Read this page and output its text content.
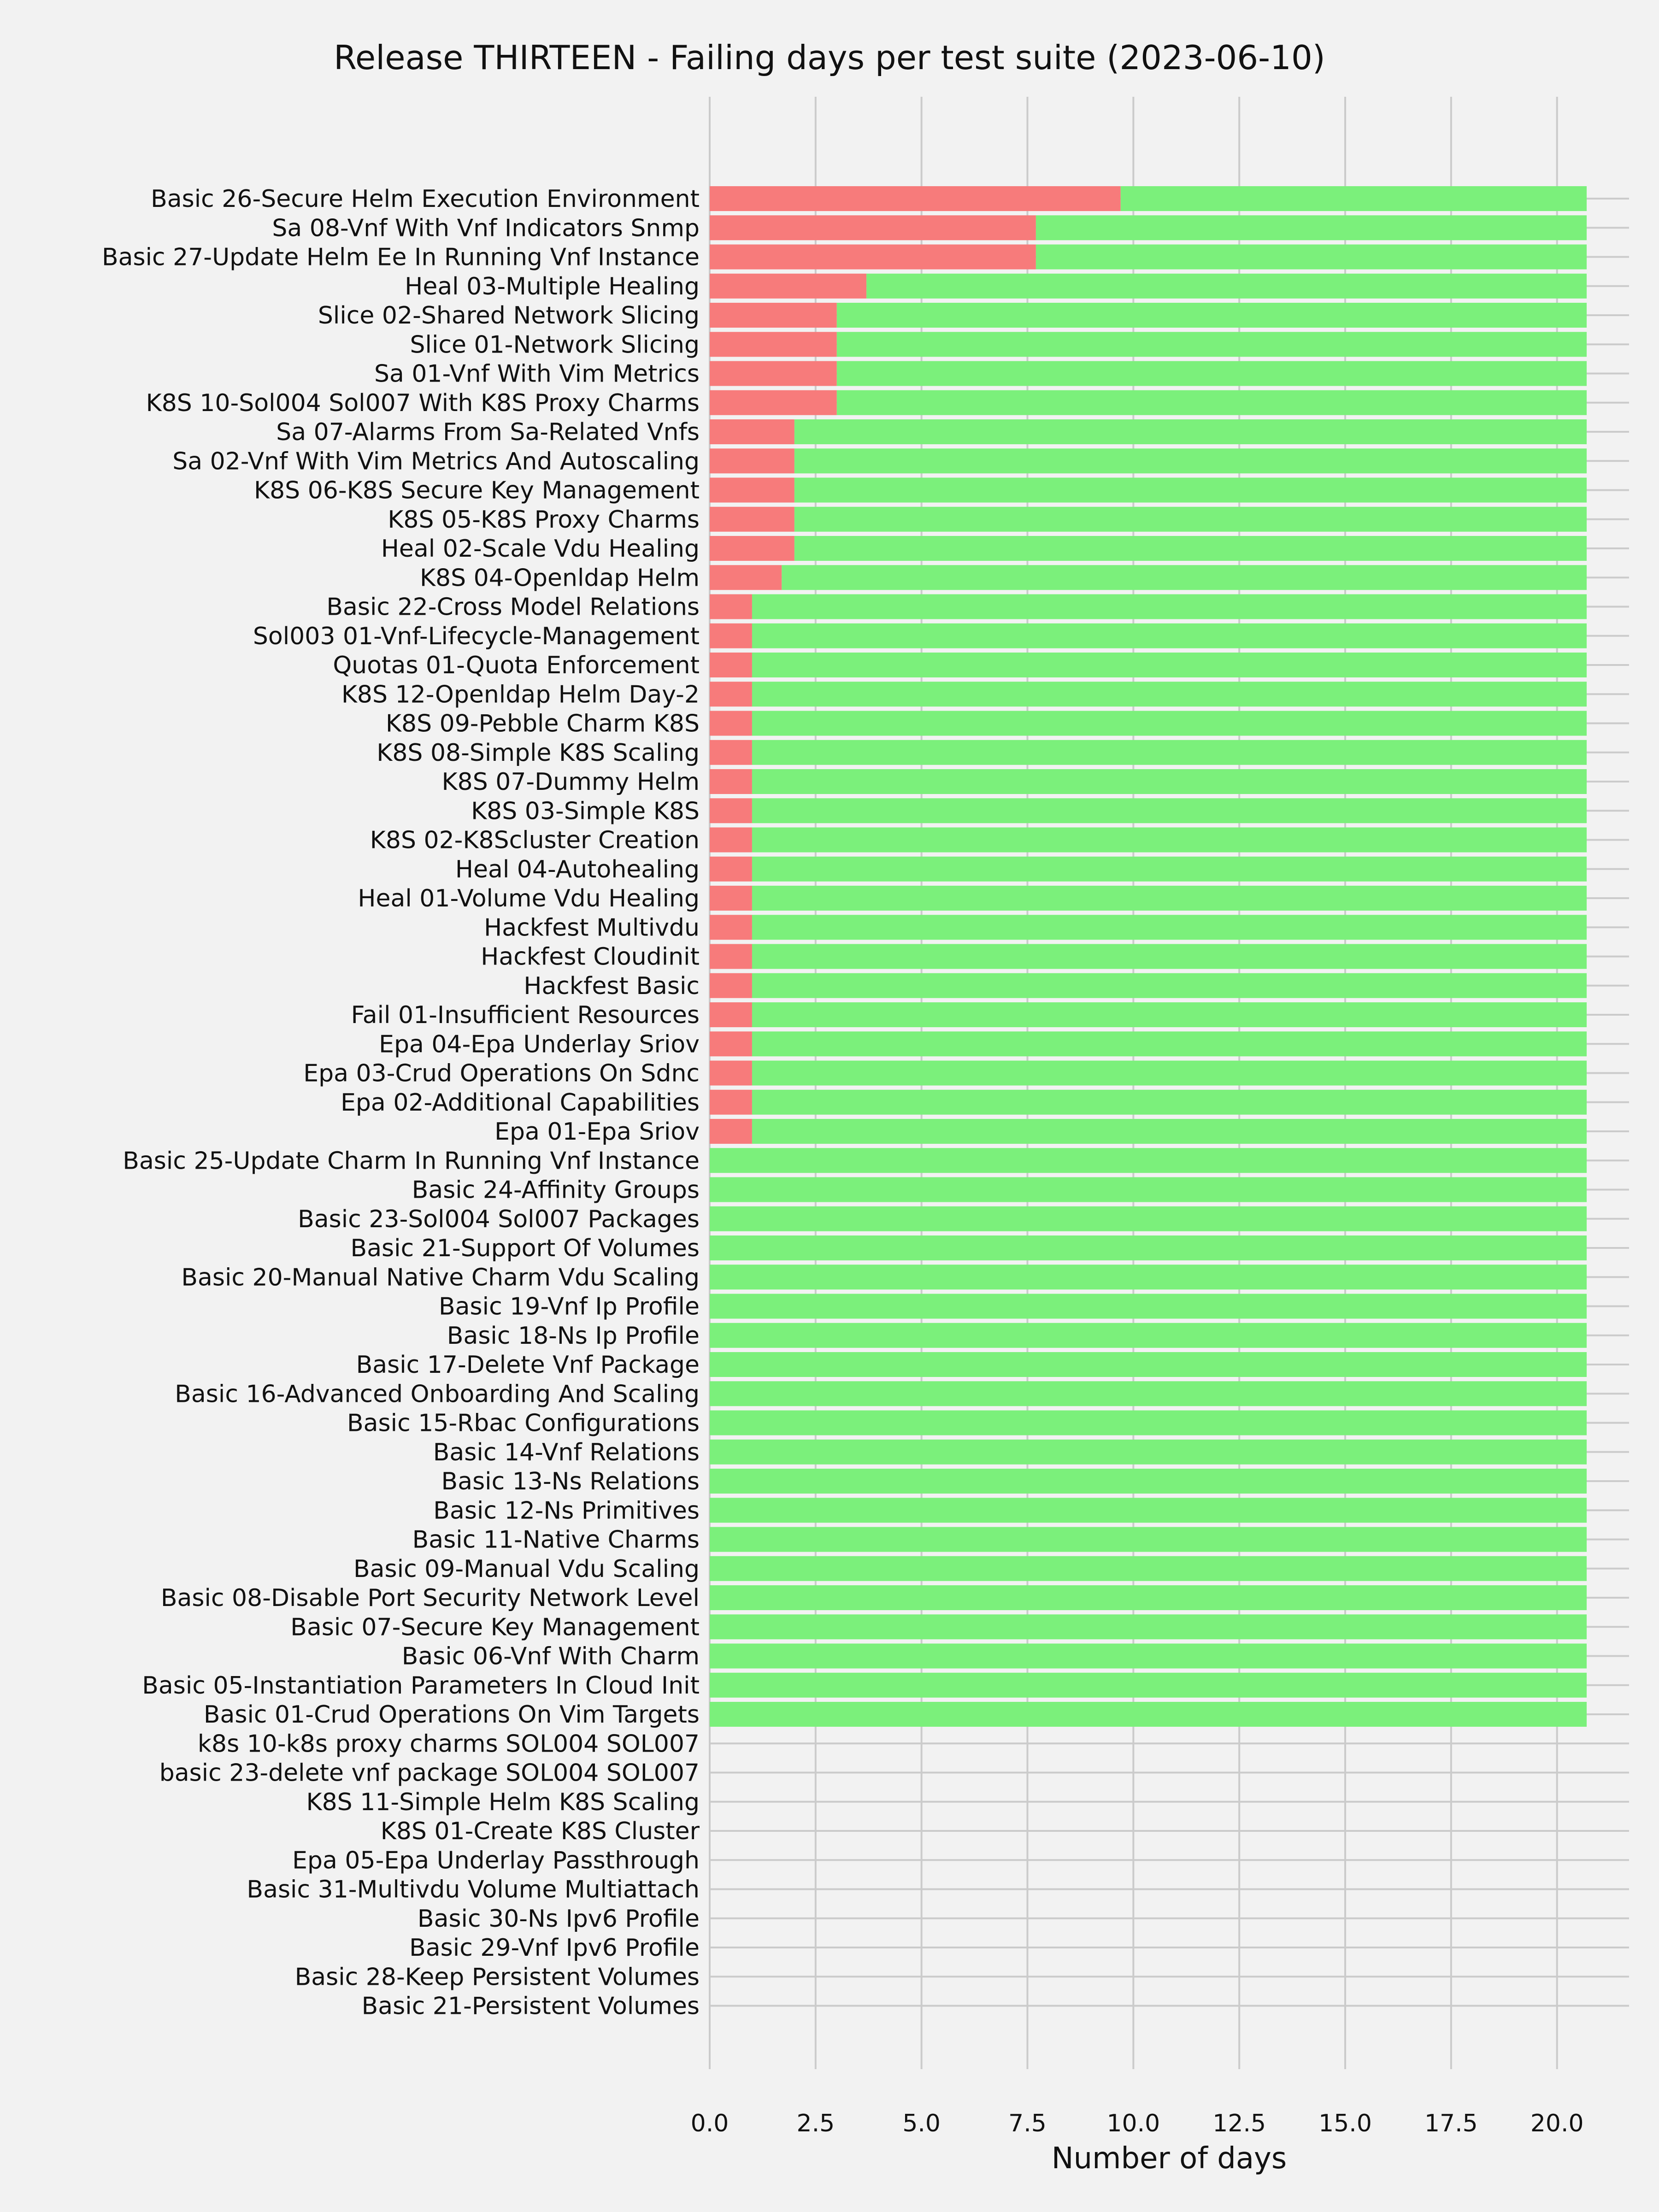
Release THIRTEEN - Failing days per test suite (2023-06-10)
Basic 26-Secure Helm Execution Environment
Sa 08-Vnf With Vnf Indicators Snmp
Basic 27-Update Helm Ee In Running Vnf Instance
Heal 03-Multiple Healing
Slice 02-Shared Network Slicing
Slice 01-Network Slicing
Sa 01-Vnf With Vim Metrics
K8S 10-Sol004 Sol007 With K8S Proxy Charms
Sa 07-Alarms From Sa-Related Vnfs
Sa 02-Vnf With Vim Metrics And Autoscaling
K8S 06-K8S Secure Key Management
K8S 05-K8S Proxy Charms
Heal 02-Scale Vdu Healing
K8S 04-Openldap Helm
Basic 22-Cross Model Relations
Sol003 01-Vnf-Lifecycle-Management
Quotas 01-Quota Enforcement
K8S 12-Openldap Helm Day-2
K8S 09-Pebble Charm K8S
K8S 08-Simple K8S Scaling
K8S 07-Dummy Helm
K8S 03-Simple K8S
K8S 02-K8Scluster Creation
Heal 04-Autohealing
Heal 01-Volume Vdu Healing
Hackfest Multivdu
Hackfest Cloudinit
Hackfest Basic
Fail 01-Insufficient Resources
Epa 04-Epa Underlay Sriov
Epa 03-Crud Operations On Sdnc
Epa 02-Additional Capabilities
Epa 01-Epa Sriov
Basic 25-Update Charm In Running Vnf Instance
Basic 24-Affinity Groups
Basic 23-Sol004 Sol007 Packages
Basic 21-Support Of Volumes
Basic 20-Manual Native Charm Vdu Scaling
Basic 19-Vnf Ip Profile
Basic 18-Ns Ip Profile
Basic 17-Delete Vnf Package
Basic 16-Advanced Onboarding And Scaling
Basic 15-Rbac Configurations
Basic 14-Vnf Relations
Basic 13-Ns Relations
Basic 12-Ns Primitives
Basic 11-Native Charms
Basic 09-Manual Vdu Scaling
Basic 08-Disable Port Security Network Level
Basic 07-Secure Key Management
Basic 06-Vnf With Charm
Basic 05-Instantiation Parameters In Cloud Init
Basic 01-Crud Operations On Vim Targets
k8s 10-k8s proxy charms SOL004 SOL007
basic 23-delete vnf package SOL004 SOL007
K8S 11-Simple Helm K8S Scaling
K8S 01-Create K8S Cluster
Epa 05-Epa Underlay Passthrough
Basic 31-Multivdu Volume Multiattach
Basic 30-Ns Ipv6 Profile
Basic 29-Vnf Ipv6 Profile
Basic 28-Keep Persistent Volumes
Basic 21-Persistent Volumes
0.0	2.5	5.0	7.5	10.0 12.5 15.0 17.5 20.0
Number of days
